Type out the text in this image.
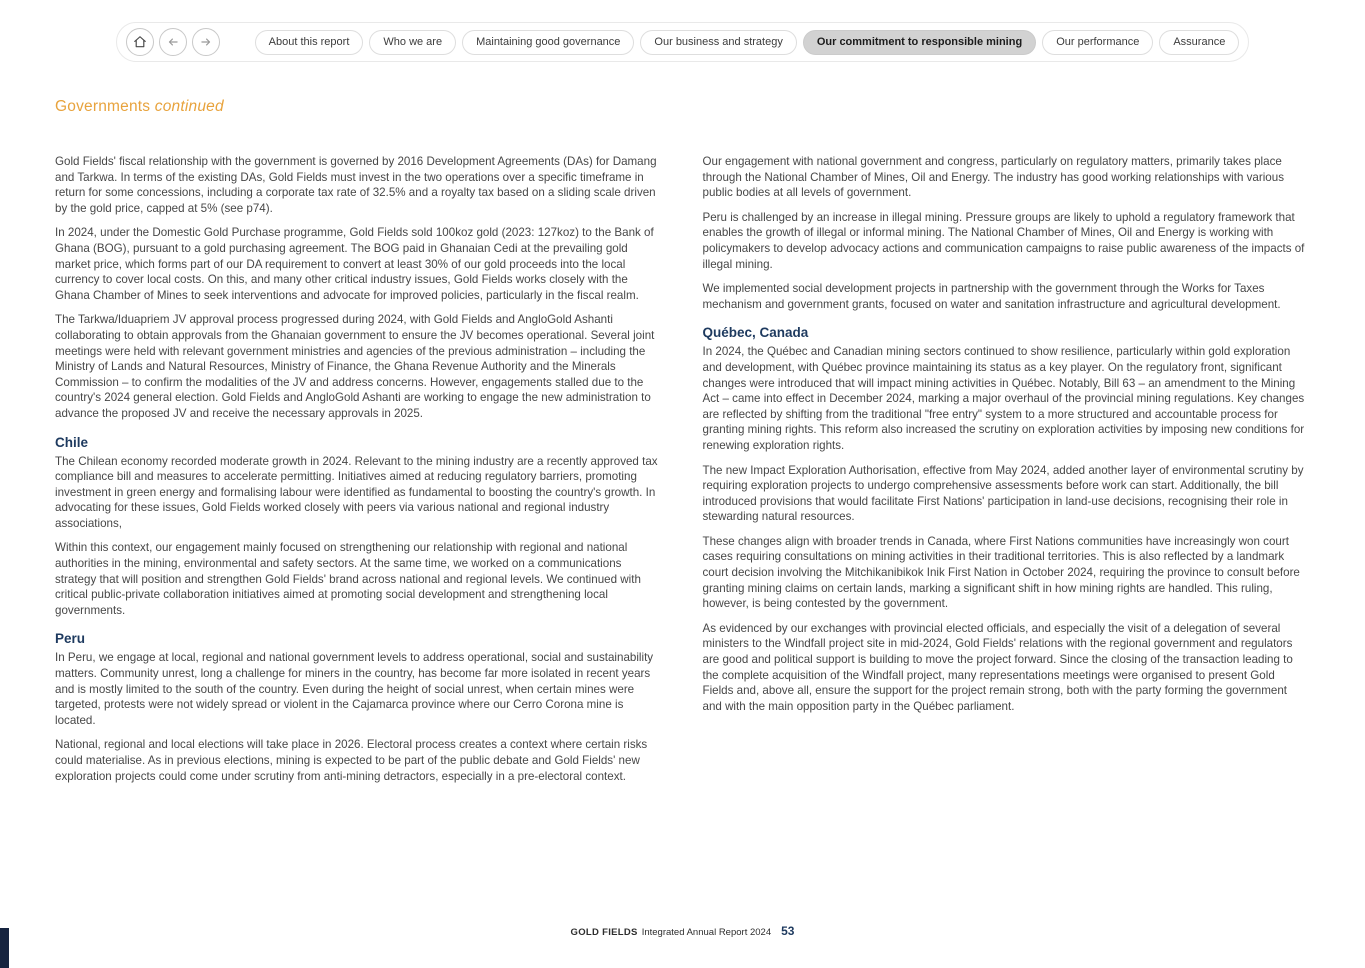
About this report	Who we are	Maintaining good governance	Our business and strategy	Our commitment to responsible mining	Our performance	Assurance
Governments continued

Gold Fields' fiscal relationship with the government is governed by 2016 Development Agreements (DAs) for Damang and Tarkwa. In terms of the existing DAs, Gold Fields must invest in the two operations over a specific timeframe in return for some concessions, including a corporate tax rate of 32.5% and a royalty tax based on a sliding scale driven by the gold price, capped at 5% (see p74).

In 2024, under the Domestic Gold Purchase programme, Gold Fields sold 100koz gold (2023: 127koz) to the Bank of Ghana (BOG), pursuant to a gold purchasing agreement. The BOG paid in Ghanaian Cedi at the prevailing gold market price, which forms part of our DA requirement to convert at least 30% of our gold proceeds into the local currency to cover local costs. On this, and many other critical industry issues, Gold Fields works closely with the Ghana Chamber of Mines to seek interventions and advocate for improved policies, particularly in the fiscal realm.

The Tarkwa/Iduapriem JV approval process progressed during 2024, with Gold Fields and AngloGold Ashanti collaborating to obtain approvals from the Ghanaian government to ensure the JV becomes operational. Several joint meetings were held with relevant government ministries and agencies of the previous administration – including the Ministry of Lands and Natural Resources, Ministry of Finance, the Ghana Revenue Authority and the Minerals Commission – to confirm the modalities of the JV and address concerns. However, engagements stalled due to the country's 2024 general election. Gold Fields and AngloGold Ashanti are working to engage the new administration to advance the proposed JV and receive the necessary approvals in 2025.

Chile

The Chilean economy recorded moderate growth in 2024. Relevant to the mining industry are a recently approved tax compliance bill and measures to accelerate permitting. Initiatives aimed at reducing regulatory barriers, promoting investment in green energy and formalising labour were identified as fundamental to boosting the country's growth. In advocating for these issues, Gold Fields worked closely with peers via various national and regional industry associations,

Within this context, our engagement mainly focused on strengthening our relationship with regional and national authorities in the mining, environmental and safety sectors. At the same time, we worked on a communications strategy that will position and strengthen Gold Fields' brand across national and regional levels. We continued with critical public-private collaboration initiatives aimed at promoting social development and strengthening local governments.

Peru

In Peru, we engage at local, regional and national government levels to address operational, social and sustainability matters. Community unrest, long a challenge for miners in the country, has become far more isolated in recent years and is mostly limited to the south of the country. Even during the height of social unrest, when certain mines were targeted, protests were not widely spread or violent in the Cajamarca province where our Cerro Corona mine is located.

National, regional and local elections will take place in 2026. Electoral process creates a context where certain risks could materialise. As in previous elections, mining is expected to be part of the public debate and Gold Fields' new exploration projects could come under scrutiny from anti-mining detractors, especially in a pre-electoral context.

Our engagement with national government and congress, particularly on regulatory matters, primarily takes place through the National Chamber of Mines, Oil and Energy. The industry has good working relationships with various public bodies at all levels of government.

Peru is challenged by an increase in illegal mining. Pressure groups are likely to uphold a regulatory framework that enables the growth of illegal or informal mining. The National Chamber of Mines, Oil and Energy is working with policymakers to develop advocacy actions and communication campaigns to raise public awareness of the impacts of illegal mining.

We implemented social development projects in partnership with the government through the Works for Taxes mechanism and government grants, focused on water and sanitation infrastructure and agricultural development.

Québec, Canada

In 2024, the Québec and Canadian mining sectors continued to show resilience, particularly within gold exploration and development, with Québec province maintaining its status as a key player. On the regulatory front, significant changes were introduced that will impact mining activities in Québec. Notably, Bill 63 – an amendment to the Mining Act – came into effect in December 2024, marking a major overhaul of the provincial mining regulations. Key changes are reflected by shifting from the traditional "free entry" system to a more structured and accountable process for granting mining rights. This reform also increased the scrutiny on exploration activities by imposing new conditions for renewing exploration rights.

The new Impact Exploration Authorisation, effective from May 2024, added another layer of environmental scrutiny by requiring exploration projects to undergo comprehensive assessments before work can start. Additionally, the bill introduced provisions that would facilitate First Nations' participation in land-use decisions, recognising their role in stewarding natural resources.

These changes align with broader trends in Canada, where First Nations communities have increasingly won court cases requiring consultations on mining activities in their traditional territories. This is also reflected by a landmark court decision involving the Mitchikanibikok Inik First Nation in October 2024, requiring the province to consult before granting mining claims on certain lands, marking a significant shift in how mining rights are handled. This ruling, however, is being contested by the government.

As evidenced by our exchanges with provincial elected officials, and especially the visit of a delegation of several ministers to the Windfall project site in mid-2024, Gold Fields' relations with the regional government and regulators are good and political support is building to move the project forward. Since the closing of the transaction leading to the complete acquisition of the Windfall project, many representations meetings were organised to present Gold Fields and, above all, ensure the support for the project remain strong, both with the party forming the government and with the main opposition party in the Québec parliament.

GOLD FIELDS Integrated Annual Report 2024 53
